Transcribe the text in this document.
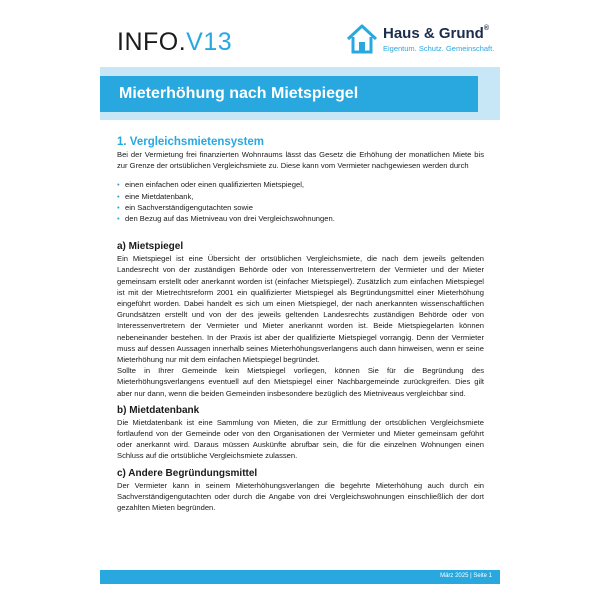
INFO.V13	Haus & Grund®
Eigentum. Schutz. Gemeinschaft.
Mieterhöhung nach Mietspiegel
1. Vergleichsmietensystem

Bei der Vermietung frei finanzierten Wohnraums lässt das Gesetz die Erhöhung der monatlichen Miete bis zur Grenze der ortsüblichen Vergleichsmiete zu. Diese kann vom Vermieter nachgewiesen werden durch

• einen einfachen oder einen qualifizierten Mietspiegel,
• eine Mietdatenbank,
• ein Sachverständigengutachten sowie
• den Bezug auf das Mietniveau von drei Vergleichswohnungen.
a) Mietspiegel

Ein Mietspiegel ist eine Übersicht der ortsüblichen Vergleichsmiete, die nach dem jeweils geltenden Landesrecht von der zuständigen Behörde oder von Interessenvertretern der Vermieter und der Mieter gemeinsam erstellt oder anerkannt worden ist (einfacher Mietspiegel). Zusätzlich zum einfachen Mietspiegel ist mit der Mietrechtsreform 2001 ein qualifizierter Mietspiegel als Begründungsmittel einer Mieterhöhung eingeführt worden. Dabei handelt es sich um einen Mietspiegel, der nach anerkannten wissenschaftlichen Grundsätzen erstellt und von der des jeweils geltenden Landesrechts zuständigen Behörde oder von Interessenvertretern der Vermieter und Mieter anerkannt worden ist. Beide Mietspiegelarten können nebeneinander bestehen. In der Praxis ist aber der qualifizierte Mietspiegel vorrangig. Denn der Vermieter muss auf dessen Aussagen innerhalb seines Mieterhöhungsverlangens auch dann hinweisen, wenn er seine Mieterhöhung nur mit dem einfachen Mietspiegel begründet.

Sollte in Ihrer Gemeinde kein Mietspiegel vorliegen, können Sie für die Begründung des Mieterhöhungsverlangens eventuell auf den Mietspiegel einer Nachbargemeinde zurückgreifen. Dies gilt aber nur dann, wenn die beiden Gemeinden insbesondere bezüglich des Mietniveaus vergleichbar sind.

b) Mietdatenbank

Die Mietdatenbank ist eine Sammlung von Mieten, die zur Ermittlung der ortsüblichen Vergleichsmiete fortlaufend von der Gemeinde oder von den Organisationen der Vermieter und Mieter gemeinsam geführt oder anerkannt wird. Daraus müssen Auskünfte abrufbar sein, die für die einzelnen Wohnungen einen Schluss auf die ortsübliche Vergleichsmiete zulassen.

c) Andere Begründungsmittel

Der Vermieter kann in seinem Mieterhöhungsverlangen die begehrte Mieterhöhung auch durch ein Sachverständigengutachten oder durch die Angabe von drei Vergleichswohnungen einschließlich der dort gezahlten Mieten begründen.

März 2025 | Seite 1
